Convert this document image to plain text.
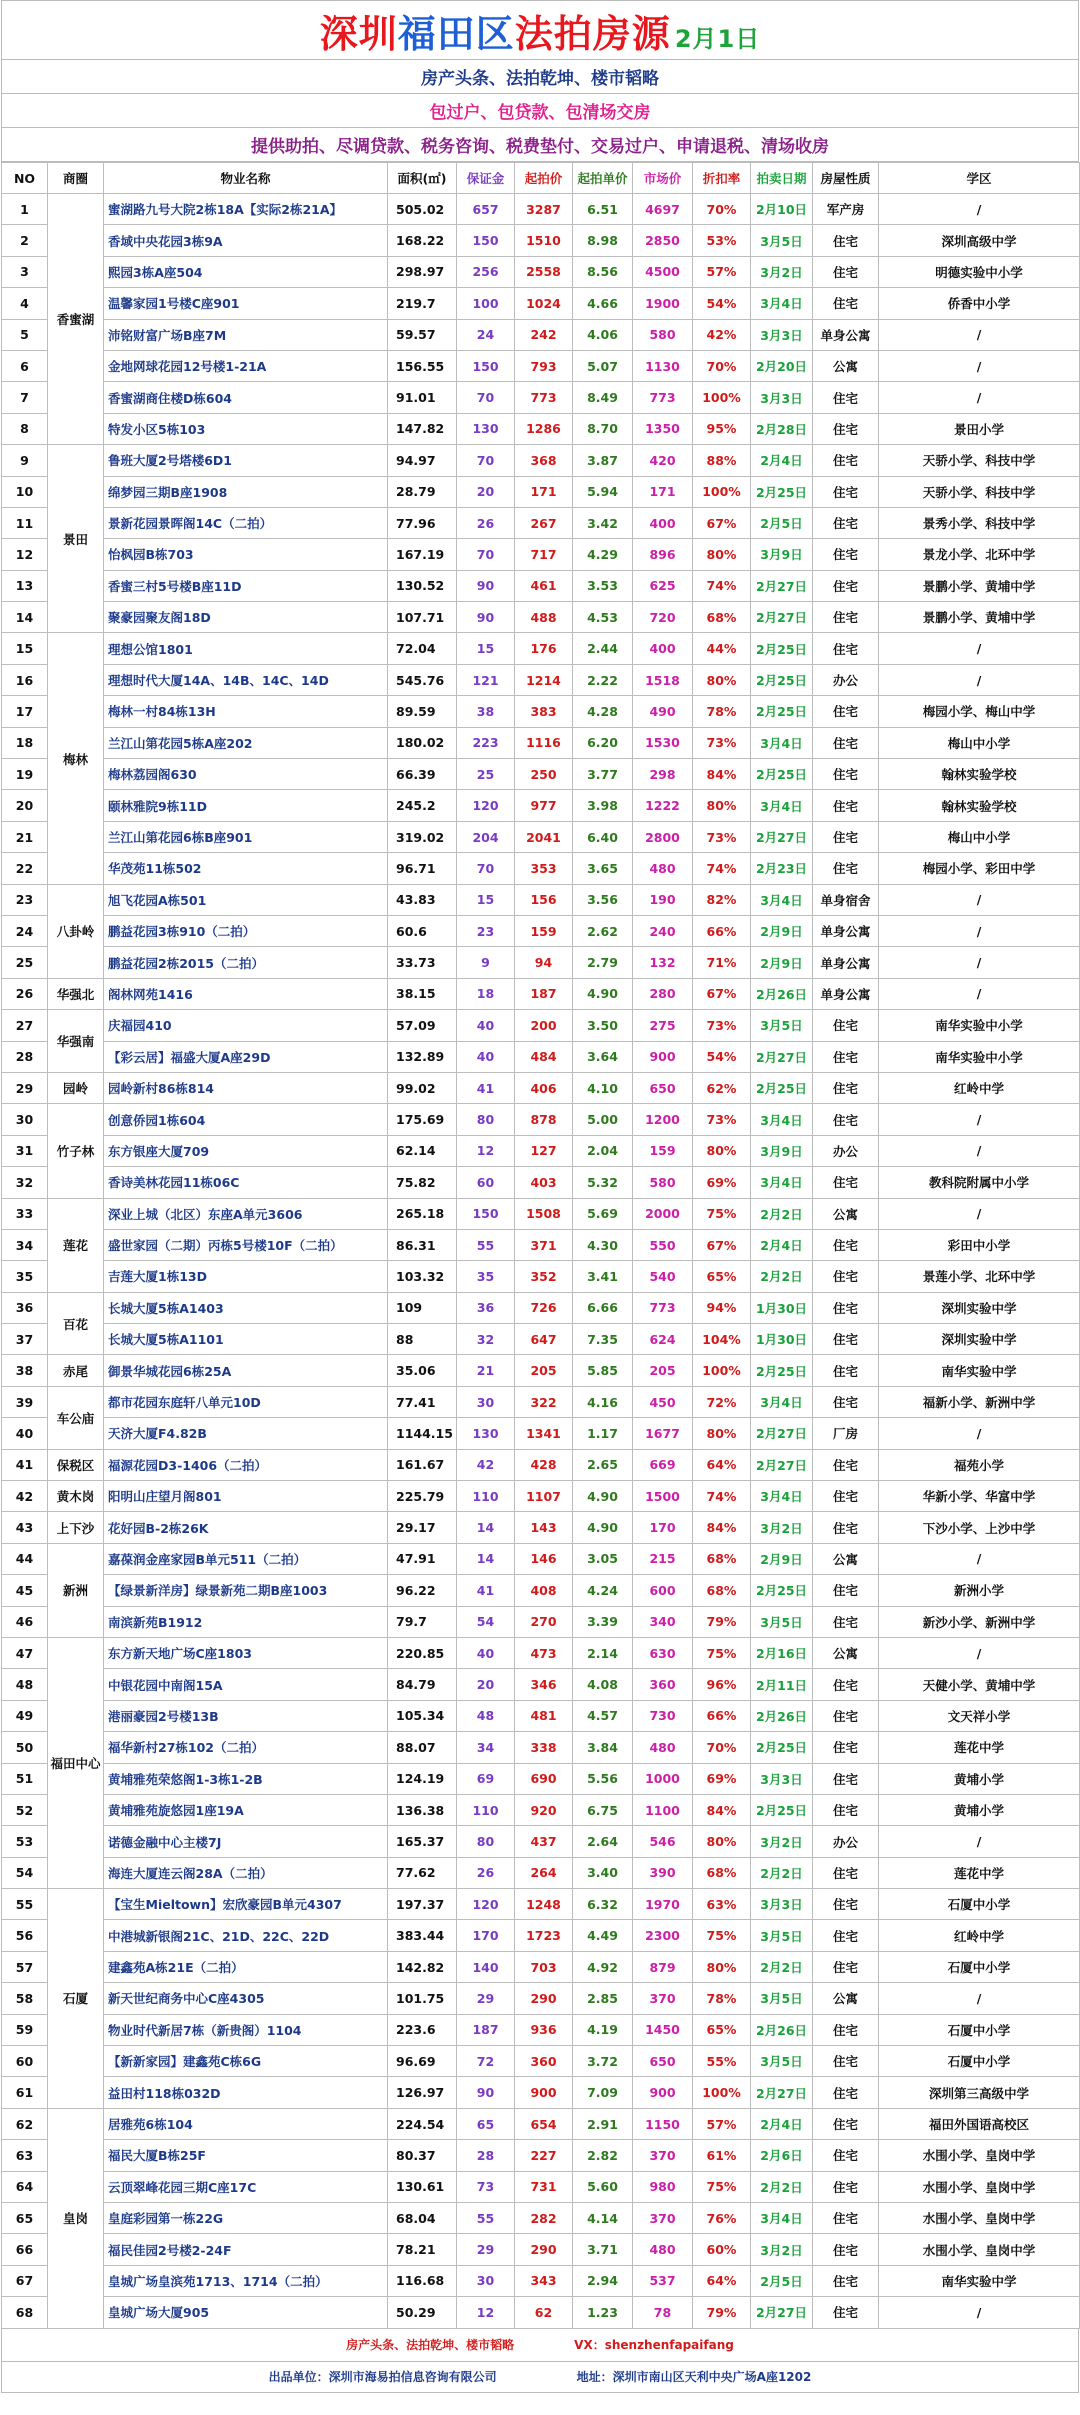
深圳福田区法拍房源 2月1日
房产头条、法拍乾坤、楼市韬略
包过户、包贷款、包清场交房
提供助拍、尽调贷款、税务咨询、税费垫付、交易过户、申请退税、清场收房
NO	商圈	物业名称	面积(㎡)	保证金	起拍价	起拍单价	市场价	折扣率	拍卖日期	房屋性质	学区
1	香蜜湖	蜜湖路九号大院2栋18A【实际2栋21A】	505.02	657	3287	6.51	4697	70%	2月10日	军产房	/
2		香域中央花园3栋9A	168.22	150	1510	8.98	2850	53%	3月5日	住宅	深圳高级中学
3		熙园3栋A座504	298.97	256	2558	8.56	4500	57%	3月2日	住宅	明德实验中小学
4		温馨家园1号楼C座901	219.7	100	1024	4.66	1900	54%	3月4日	住宅	侨香中小学
5		沛铭财富广场B座7M	59.57	24	242	4.06	580	42%	3月3日	单身公寓	/
6		金地网球花园12号楼1-21A	156.55	150	793	5.07	1130	70%	2月20日	公寓	/
7		香蜜湖商住楼D栋604	91.01	70	773	8.49	773	100%	3月3日	住宅	/
8		特发小区5栋103	147.82	130	1286	8.70	1350	95%	2月28日	住宅	景田小学
9	景田	鲁班大厦2号塔楼6D1	94.97	70	368	3.87	420	88%	2月4日	住宅	天骄小学、科技中学
10		绵梦园三期B座1908	28.79	20	171	5.94	171	100%	2月25日	住宅	天骄小学、科技中学
11		景新花园景晖阁14C（二拍）	77.96	26	267	3.42	400	67%	2月5日	住宅	景秀小学、科技中学
12		怡枫园B栋703	167.19	70	717	4.29	896	80%	3月9日	住宅	景龙小学、北环中学
13		香蜜三村5号楼B座11D	130.52	90	461	3.53	625	74%	2月27日	住宅	景鹏小学、黄埔中学
14		聚豪园聚友阁18D	107.71	90	488	4.53	720	68%	2月27日	住宅	景鹏小学、黄埔中学
15	梅林	理想公馆1801	72.04	15	176	2.44	400	44%	2月25日	住宅	/
16		理想时代大厦14A、14B、14C、14D	545.76	121	1214	2.22	1518	80%	2月25日	办公	/
17		梅林一村84栋13H	89.59	38	383	4.28	490	78%	2月25日	住宅	梅园小学、梅山中学
18		兰江山第花园5栋A座202	180.02	223	1116	6.20	1530	73%	3月4日	住宅	梅山中小学
19		梅林荔园阁630	66.39	25	250	3.77	298	84%	2月25日	住宅	翰林实验学校
20		颐林雅院9栋11D	245.2	120	977	3.98	1222	80%	3月4日	住宅	翰林实验学校
21		兰江山第花园6栋B座901	319.02	204	2041	6.40	2800	73%	2月27日	住宅	梅山中小学
22		华茂苑11栋502	96.71	70	353	3.65	480	74%	2月23日	住宅	梅园小学、彩田中学
23	八卦岭	旭飞花园A栋501	43.83	15	156	3.56	190	82%	3月4日	单身宿舍	/
24		鹏益花园3栋910（二拍）	60.6	23	159	2.62	240	66%	2月9日	单身公寓	/
25		鹏益花园2栋2015（二拍）	33.73	9	94	2.79	132	71%	2月9日	单身公寓	/
26	华强北	阁林网苑1416	38.15	18	187	4.90	280	67%	2月26日	单身公寓	/
27	华强南	庆福园410	57.09	40	200	3.50	275	73%	3月5日	住宅	南华实验中小学
28		【彩云居】福盛大厦A座29D	132.89	40	484	3.64	900	54%	2月27日	住宅	南华实验中小学
29	园岭	园岭新村86栋814	99.02	41	406	4.10	650	62%	2月25日	住宅	红岭中学
30	竹子林	创意侨园1栋604	175.69	80	878	5.00	1200	73%	3月4日	住宅	/
31		东方银座大厦709	62.14	12	127	2.04	159	80%	3月9日	办公	/
32		香诗美林花园11栋06C	75.82	60	403	5.32	580	69%	3月4日	住宅	教科院附属中小学
33	莲花	深业上城（北区）东座A单元3606	265.18	150	1508	5.69	2000	75%	2月2日	公寓	/
34		盛世家园（二期）丙栋5号楼10F（二拍）	86.31	55	371	4.30	550	67%	2月4日	住宅	彩田中小学
35		吉莲大厦1栋13D	103.32	35	352	3.41	540	65%	2月2日	住宅	景莲小学、北环中学
36	百花	长城大厦5栋A1403	109	36	726	6.66	773	94%	1月30日	住宅	深圳实验中学
37		长城大厦5栋A1101	88	32	647	7.35	624	104%	1月30日	住宅	深圳实验中学
38	赤尾	御景华城花园6栋25A	35.06	21	205	5.85	205	100%	2月25日	住宅	南华实验中学
39	车公庙	都市花园东庭轩八单元10D	77.41	30	322	4.16	450	72%	3月4日	住宅	福新小学、新洲中学
40		天济大厦F4.82B	1144.15	130	1341	1.17	1677	80%	2月27日	厂房	/
41	保税区	福源花园D3-1406（二拍）	161.67	42	428	2.65	669	64%	2月27日	住宅	福苑小学
42	黄木岗	阳明山庄望月阁801	225.79	110	1107	4.90	1500	74%	3月4日	住宅	华新小学、华富中学
43	上下沙	花好园B-2栋26K	29.17	14	143	4.90	170	84%	3月2日	住宅	下沙小学、上沙中学
44	新洲	嘉葆润金座家园B单元511（二拍）	47.91	14	146	3.05	215	68%	2月9日	公寓	/
45		【绿景新洋房】绿景新苑二期B座1003	96.22	41	408	4.24	600	68%	2月25日	住宅	新洲小学
46		南滨新苑B1912	79.7	54	270	3.39	340	79%	3月5日	住宅	新沙小学、新洲中学
47	福田中心	东方新天地广场C座1803	220.85	40	473	2.14	630	75%	2月16日	公寓	/
48		中银花园中南阁15A	84.79	20	346	4.08	360	96%	2月11日	住宅	天健小学、黄埔中学
49		港丽豪园2号楼13B	105.34	48	481	4.57	730	66%	2月26日	住宅	文天祥小学
50		福华新村27栋102（二拍）	88.07	34	338	3.84	480	70%	2月25日	住宅	莲花中学
51		黄埔雅苑荣悠阁1-3栋1-2B	124.19	69	690	5.56	1000	69%	3月3日	住宅	黄埔小学
52		黄埔雅苑旋悠园1座19A	136.38	110	920	6.75	1100	84%	2月25日	住宅	黄埔小学
53		诺德金融中心主楼7J	165.37	80	437	2.64	546	80%	3月2日	办公	/
54		海连大厦连云阁28A（二拍）	77.62	26	264	3.40	390	68%	2月2日	住宅	莲花中学
55	石厦	【宝生Mieltown】宏欣豪园B单元4307	197.37	120	1248	6.32	1970	63%	3月3日	住宅	石厦中小学
56		中港城新银阁21C、21D、22C、22D	383.44	170	1723	4.49	2300	75%	3月5日	住宅	红岭中学
57		建鑫苑A栋21E（二拍）	142.82	140	703	4.92	879	80%	2月2日	住宅	石厦中小学
58		新天世纪商务中心C座4305	101.75	29	290	2.85	370	78%	3月5日	公寓	/
59		物业时代新居7栋（新贵阁）1104	223.6	187	936	4.19	1450	65%	2月26日	住宅	石厦中小学
60		【新新家园】建鑫苑C栋6G	96.69	72	360	3.72	650	55%	3月5日	住宅	石厦中小学
61		益田村118栋032D	126.97	90	900	7.09	900	100%	2月27日	住宅	深圳第三高级中学
62	皇岗	居雅苑6栋104	224.54	65	654	2.91	1150	57%	2月4日	住宅	福田外国语高校区
63		福民大厦B栋25F	80.37	28	227	2.82	370	61%	2月6日	住宅	水围小学、皇岗中学
64		云顶翠峰花园三期C座17C	130.61	73	731	5.60	980	75%	2月2日	住宅	水围小学、皇岗中学
65		皇庭彩园第一栋22G	68.04	55	282	4.14	370	76%	3月4日	住宅	水围小学、皇岗中学
66		福民佳园2号楼2-24F	78.21	29	290	3.71	480	60%	3月2日	住宅	水围小学、皇岗中学
67		皇城广场皇滨苑1713、1714（二拍）	116.68	30	343	2.94	537	64%	2月5日	住宅	南华实验中学
68		皇城广场大厦905	50.29	12	62	1.23	78	79%	2月27日	住宅	/
房产头条、法拍乾坤、楼市韬略	VX：shenzhenfapaifang
出品单位：深圳市海易拍信息咨询有限公司	地址：深圳市南山区天利中央广场A座1202
